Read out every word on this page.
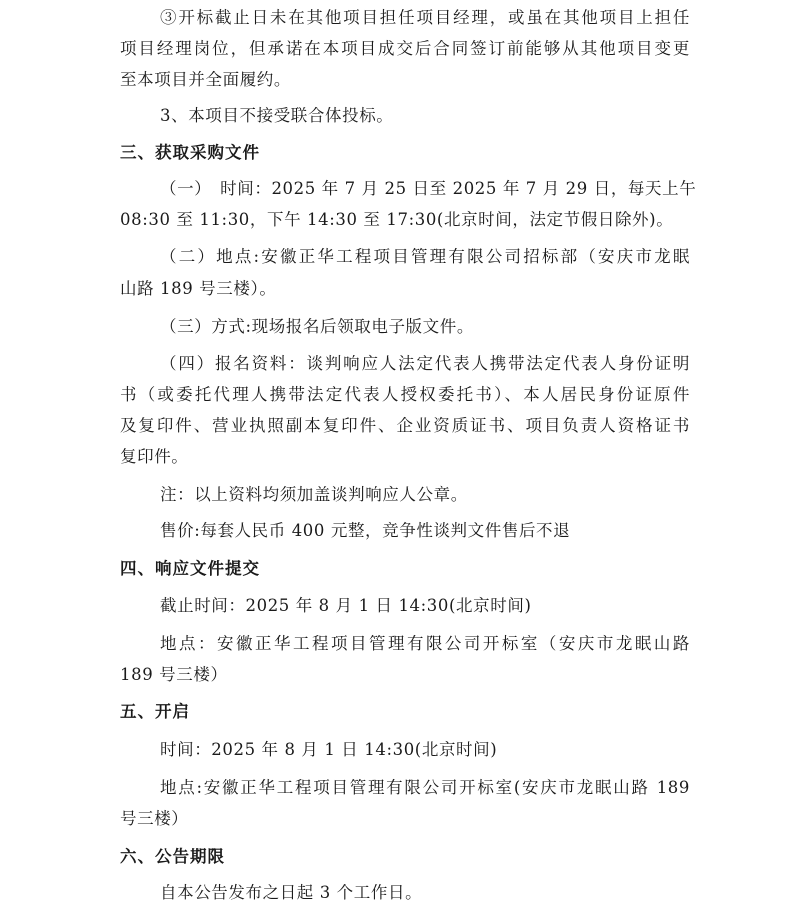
③开标截止日未在其他项目担任项目经理，或虽在其他项目上担任
项目经理岗位，但承诺在本项目成交后合同签订前能够从其他项目变更
至本项目并全面履约。
3、本项目不接受联合体投标。
三、获取采购文件
（一）　时间：2025 年 7 月 25 日至 2025 年 7 月 29 日，每天上午
08:30 至 11:30，下午 14:30 至 17:30(北京时间，法定节假日除外)。
（二）地点:安徽正华工程项目管理有限公司招标部（安庆市龙眠
山路 189 号三楼）。
（三）方式:现场报名后领取电子版文件。
（四）报名资料：谈判响应人法定代表人携带法定代表人身份证明
书（或委托代理人携带法定代表人授权委托书）、本人居民身份证原件
及复印件、营业执照副本复印件、企业资质证书、项目负责人资格证书
复印件。
注：以上资料均须加盖谈判响应人公章。
售价:每套人民币 400 元整，竞争性谈判文件售后不退
四、响应文件提交
截止时间：2025 年 8 月 1 日 14:30(北京时间)
地点：安徽正华工程项目管理有限公司开标室（安庆市龙眠山路
189 号三楼）
五、开启
时间：2025 年 8 月 1 日 14:30(北京时间)
地点:安徽正华工程项目管理有限公司开标室(安庆市龙眠山路 189
号三楼）
六、公告期限
自本公告发布之日起 3 个工作日。
